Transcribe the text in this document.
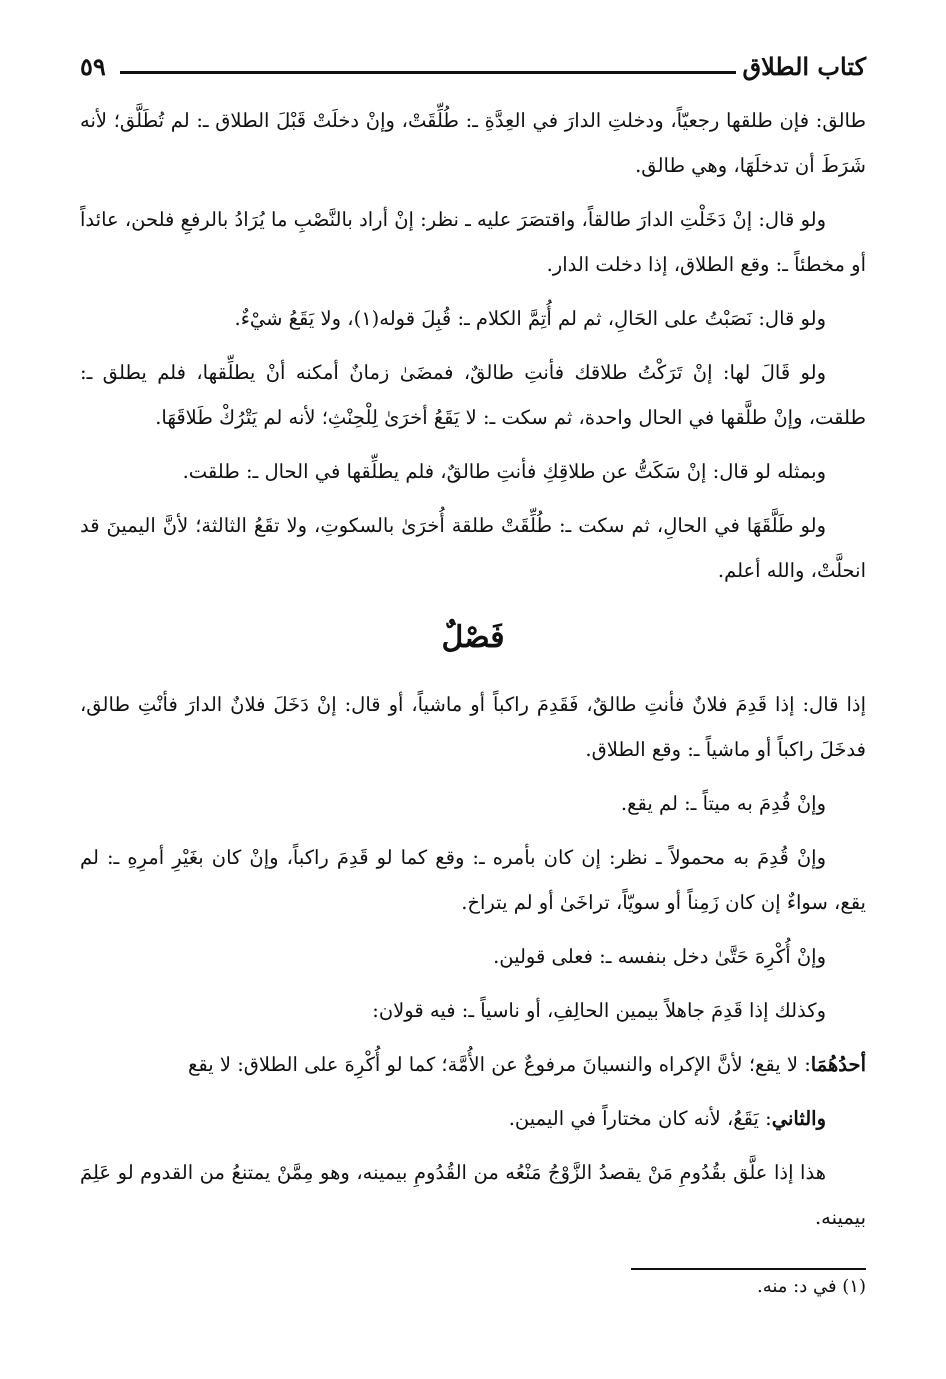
كتاب الطلاق
٥٩

طالق: فإن طلقها رجعيّاً، ودخلتِ الدارَ في العِدَّةِ ـ: طُلِّقَتْ، وإنْ دخلَتْ قَبْلَ الطلاق ـ: لم تُطَلَّق؛ لأنه شَرَطَ أن تدخلَهَا، وهي طالق.

ولو قال: إنْ دَخَلْتِ الدارَ طالقاً، واقتصَرَ عليه ـ نظر: إنْ أراد بالنَّصْبِ ما يُرَادُ بالرفعِ فلحن، عائداً أو مخطئاً ـ: وقع الطلاق، إذا دخلت الدار.

ولو قال: نَصَبْتُ على الحَالِ، ثم لم أُتِمَّ الكلام ـ: قُبِلَ قوله(١)، ولا يَقَعُ شيْءٌ.

ولو قَالَ لها: إنْ تَرَكْتُ طلاقك فأنتِ طالقٌ، فمضَىٰ زمانٌ أمكنه أنْ يطلِّقها، فلم يطلق ـ: طلقت، وإنْ طلَّقها في الحال واحدة، ثم سكت ـ: لا يَقَعُ أخرَىٰ لِلْحِنْثِ؛ لأنه لم يَتْرُكْ طَلاقَهَا.

وبمثله لو قال: إنْ سَكَتُّ عن طلاقِكِ فأنتِ طالقٌ، فلم يطلِّقها في الحال ـ: طلقت.

ولو طَلَّقَهَا في الحالِ، ثم سكت ـ: طُلِّقَتْ طلقة أُخرَىٰ بالسكوتِ، ولا تقَعُ الثالثة؛ لأنَّ اليمينَ قد انحلَّتْ، والله أعلم.

فَصْلٌ

إذا قال: إذا قَدِمَ فلانٌ فأنتِ طالقٌ، فَقَدِمَ راكباً أو ماشياً، أو قال: إنْ دَخَلَ فلانٌ الدارَ فأنْتِ طالق، فدخَلَ راكباً أو ماشياً ـ: وقع الطلاق.

وإنْ قُدِمَ به ميتاً ـ: لم يقع.

وإنْ قُدِمَ به محمولاً ـ نظر: إن كان بأمره ـ: وقع كما لو قَدِمَ راكباً، وإنْ كان بغَيْرِ أمرِهِ ـ: لم يقع، سواءٌ إن كان زَمِناً أو سويّاً، تراخَىٰ أو لم يتراخ.

وإنْ أُكْرِهَ حَتَّىٰ دخل بنفسه ـ: فعلى قولين.

وكذلك إذا قَدِمَ جاهلاً بيمين الحالِفِ، أو ناسياً ـ: فيه قولان:

أحدُهُمَا: لا يقع؛ لأنَّ الإكراه والنسيانَ مرفوعٌ عن الأُمَّة؛ كما لو أُكْرِهَ على الطلاق: لا يقع

والثاني: يَقَعُ، لأنه كان مختاراً في اليمين.

هذا إذا علَّق بقُدُومِ مَنْ يقصدُ الزَّوْجُ مَنْعُه من القُدُومِ بيمينه، وهو مِمَّنْ يمتنعُ من القدوم لو عَلِمَ بيمينه.

(١) في د: منه.
